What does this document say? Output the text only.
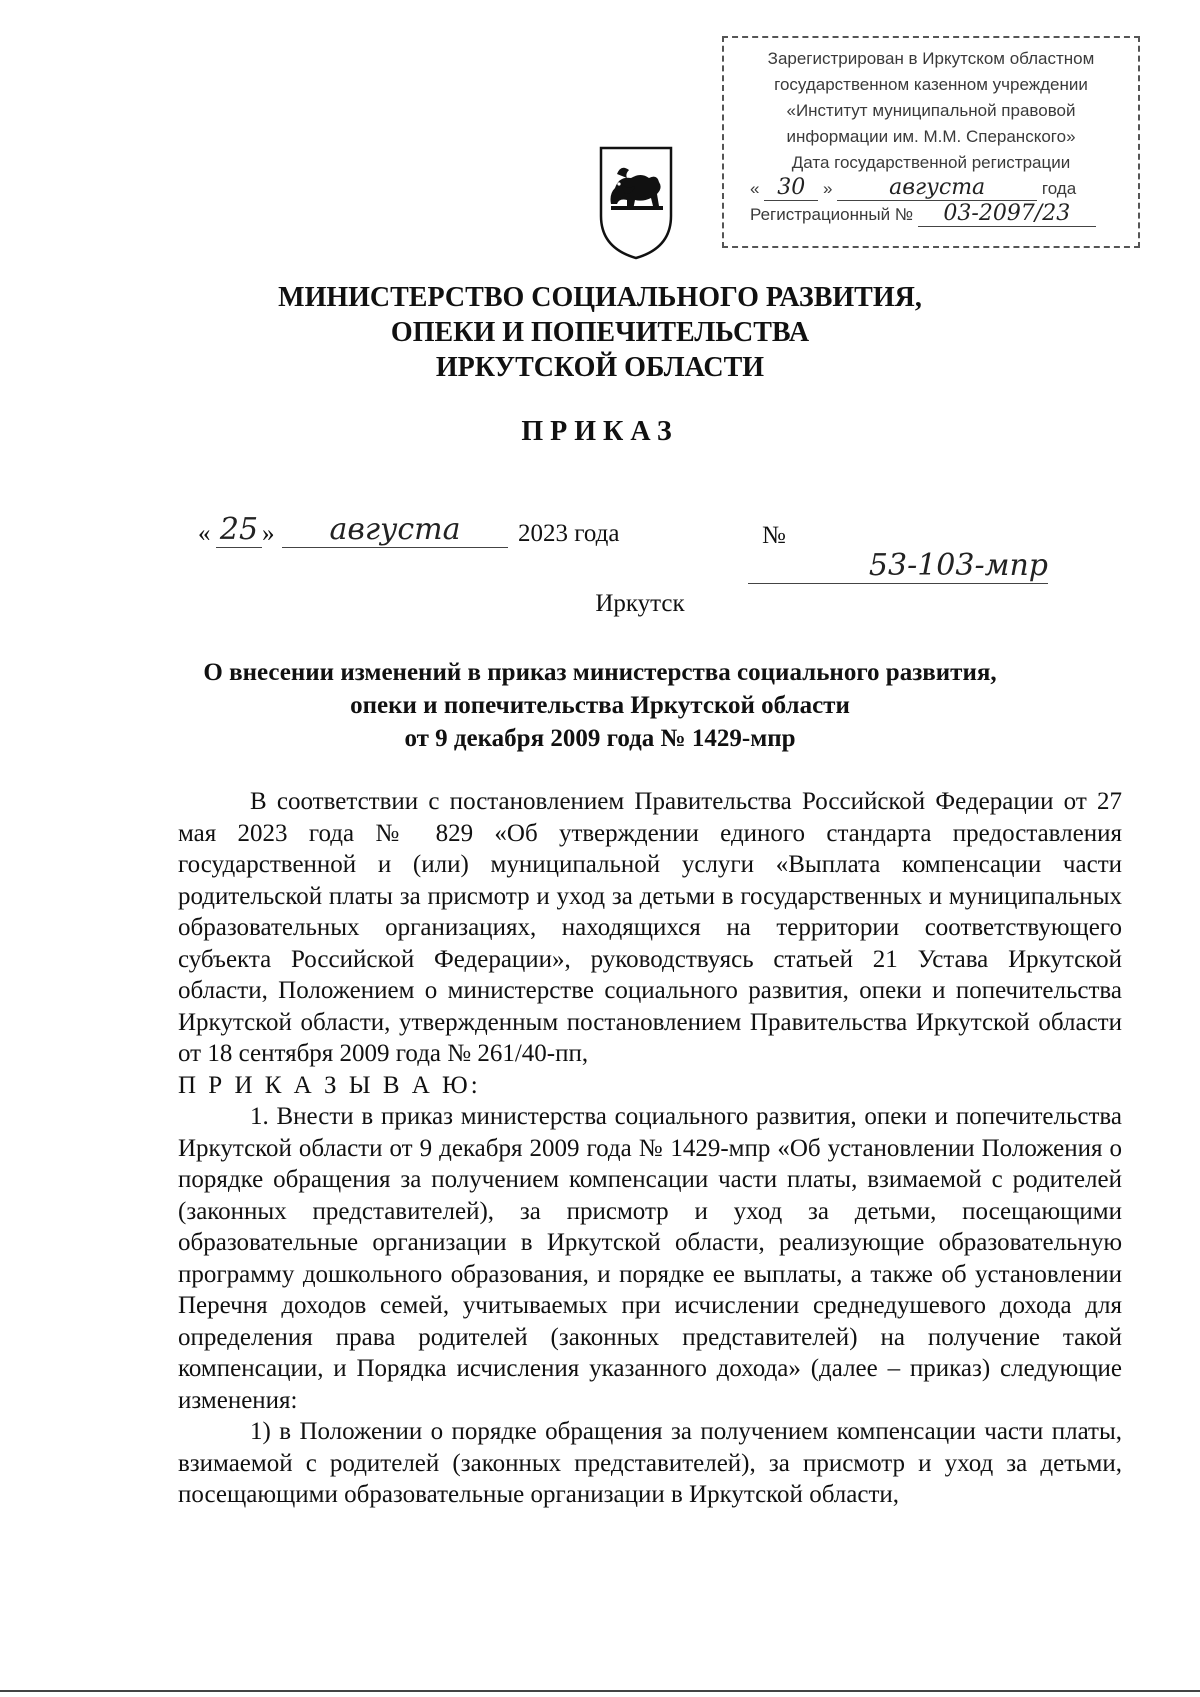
Зарегистрирован в Иркутском областном
государственном казенном учреждении
«Институт муниципальной правовой
информации им. М.М. Сперанского»
Дата государственной регистрации
« 30 »	августа	года
Регистрационный № 03-2097/23
МИНИСТЕРСТВО СОЦИАЛЬНОГО РАЗВИТИЯ,
ОПЕКИ И ПОПЕЧИТЕЛЬСТВА
ИРКУТСКОЙ ОБЛАСТИ
ПРИКАЗ
« 25 »	августа	2023 года	№
53-103-мпр
Иркутск
О внесении изменений в приказ министерства социального развития,
опеки и попечительства Иркутской области
от 9 декабря 2009 года № 1429-мпр

В соответствии с постановлением Правительства Российской Федерации от 27 мая 2023 года № 829 «Об утверждении единого стандарта предоставления государственной и (или) муниципальной услуги «Выплата компенсации части родительской платы за присмотр и уход за детьми в государственных и муниципальных образовательных организациях, находящихся на территории соответствующего субъекта Российской Федерации», руководствуясь статьей 21 Устава Иркутской области, Положением о министерстве социального развития, опеки и попечительства Иркутской области, утвержденным постановлением Правительства Иркутской области от 18 сентября 2009 года № 261/40-пп,

П Р И К А З Ы В А Ю:

1. Внести в приказ министерства социального развития, опеки и попечительства Иркутской области от 9 декабря 2009 года № 1429-мпр «Об установлении Положения о порядке обращения за получением компенсации части платы, взимаемой с родителей (законных представителей), за присмотр и уход за детьми, посещающими образовательные организации в Иркутской области, реализующие образовательную программу дошкольного образования, и порядке ее выплаты, а также об установлении Перечня доходов семей, учитываемых при исчислении среднедушевого дохода для определения права родителей (законных представителей) на получение такой компенсации, и Порядка исчисления указанного дохода» (далее – приказ) следующие изменения:

1) в Положении о порядке обращения за получением компенсации части платы, взимаемой с родителей (законных представителей), за присмотр и уход за детьми, посещающими образовательные организации в Иркутской области,
